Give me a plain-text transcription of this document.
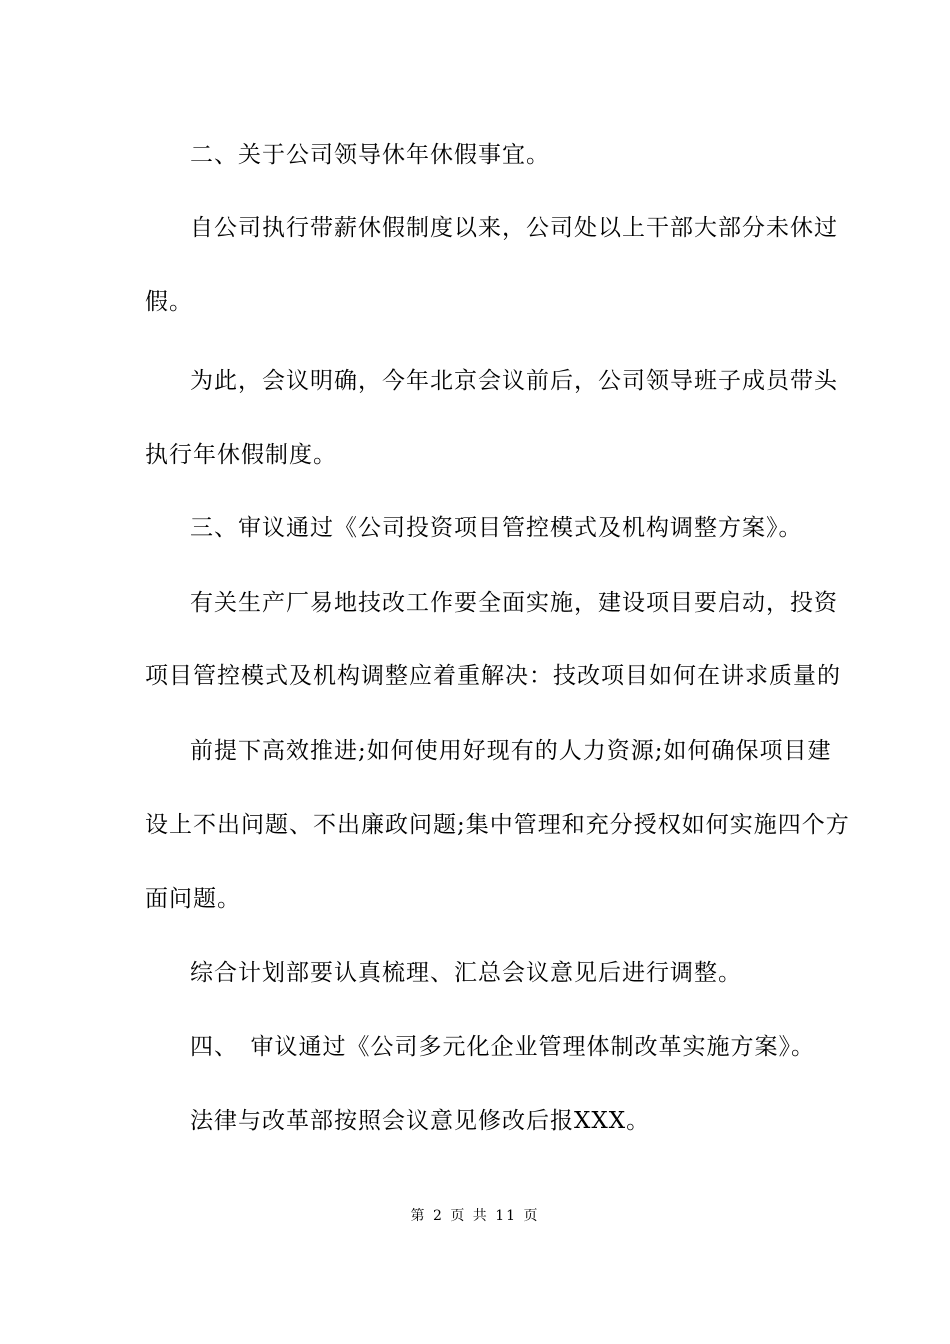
二、关于公司领导休年休假事宜。
自公司执行带薪休假制度以来，公司处以上干部大部分未休过
假。
为此，会议明确，今年北京会议前后，公司领导班子成员带头
执行年休假制度。
三、审议通过《公司投资项目管控模式及机构调整方案》。
有关生产厂易地技改工作要全面实施，建设项目要启动，投资
项目管控模式及机构调整应着重解决：技改项目如何在讲求质量的
前提下高效推进;如何使用好现有的人力资源;如何确保项目建
设上不出问题、不出廉政问题;集中管理和充分授权如何实施四个方
面问题。
综合计划部要认真梳理、汇总会议意见后进行调整。
四、　审议通过《公司多元化企业管理体制改革实施方案》。
法律与改革部按照会议意见修改后报XXX。
第 2 页 共 11 页
